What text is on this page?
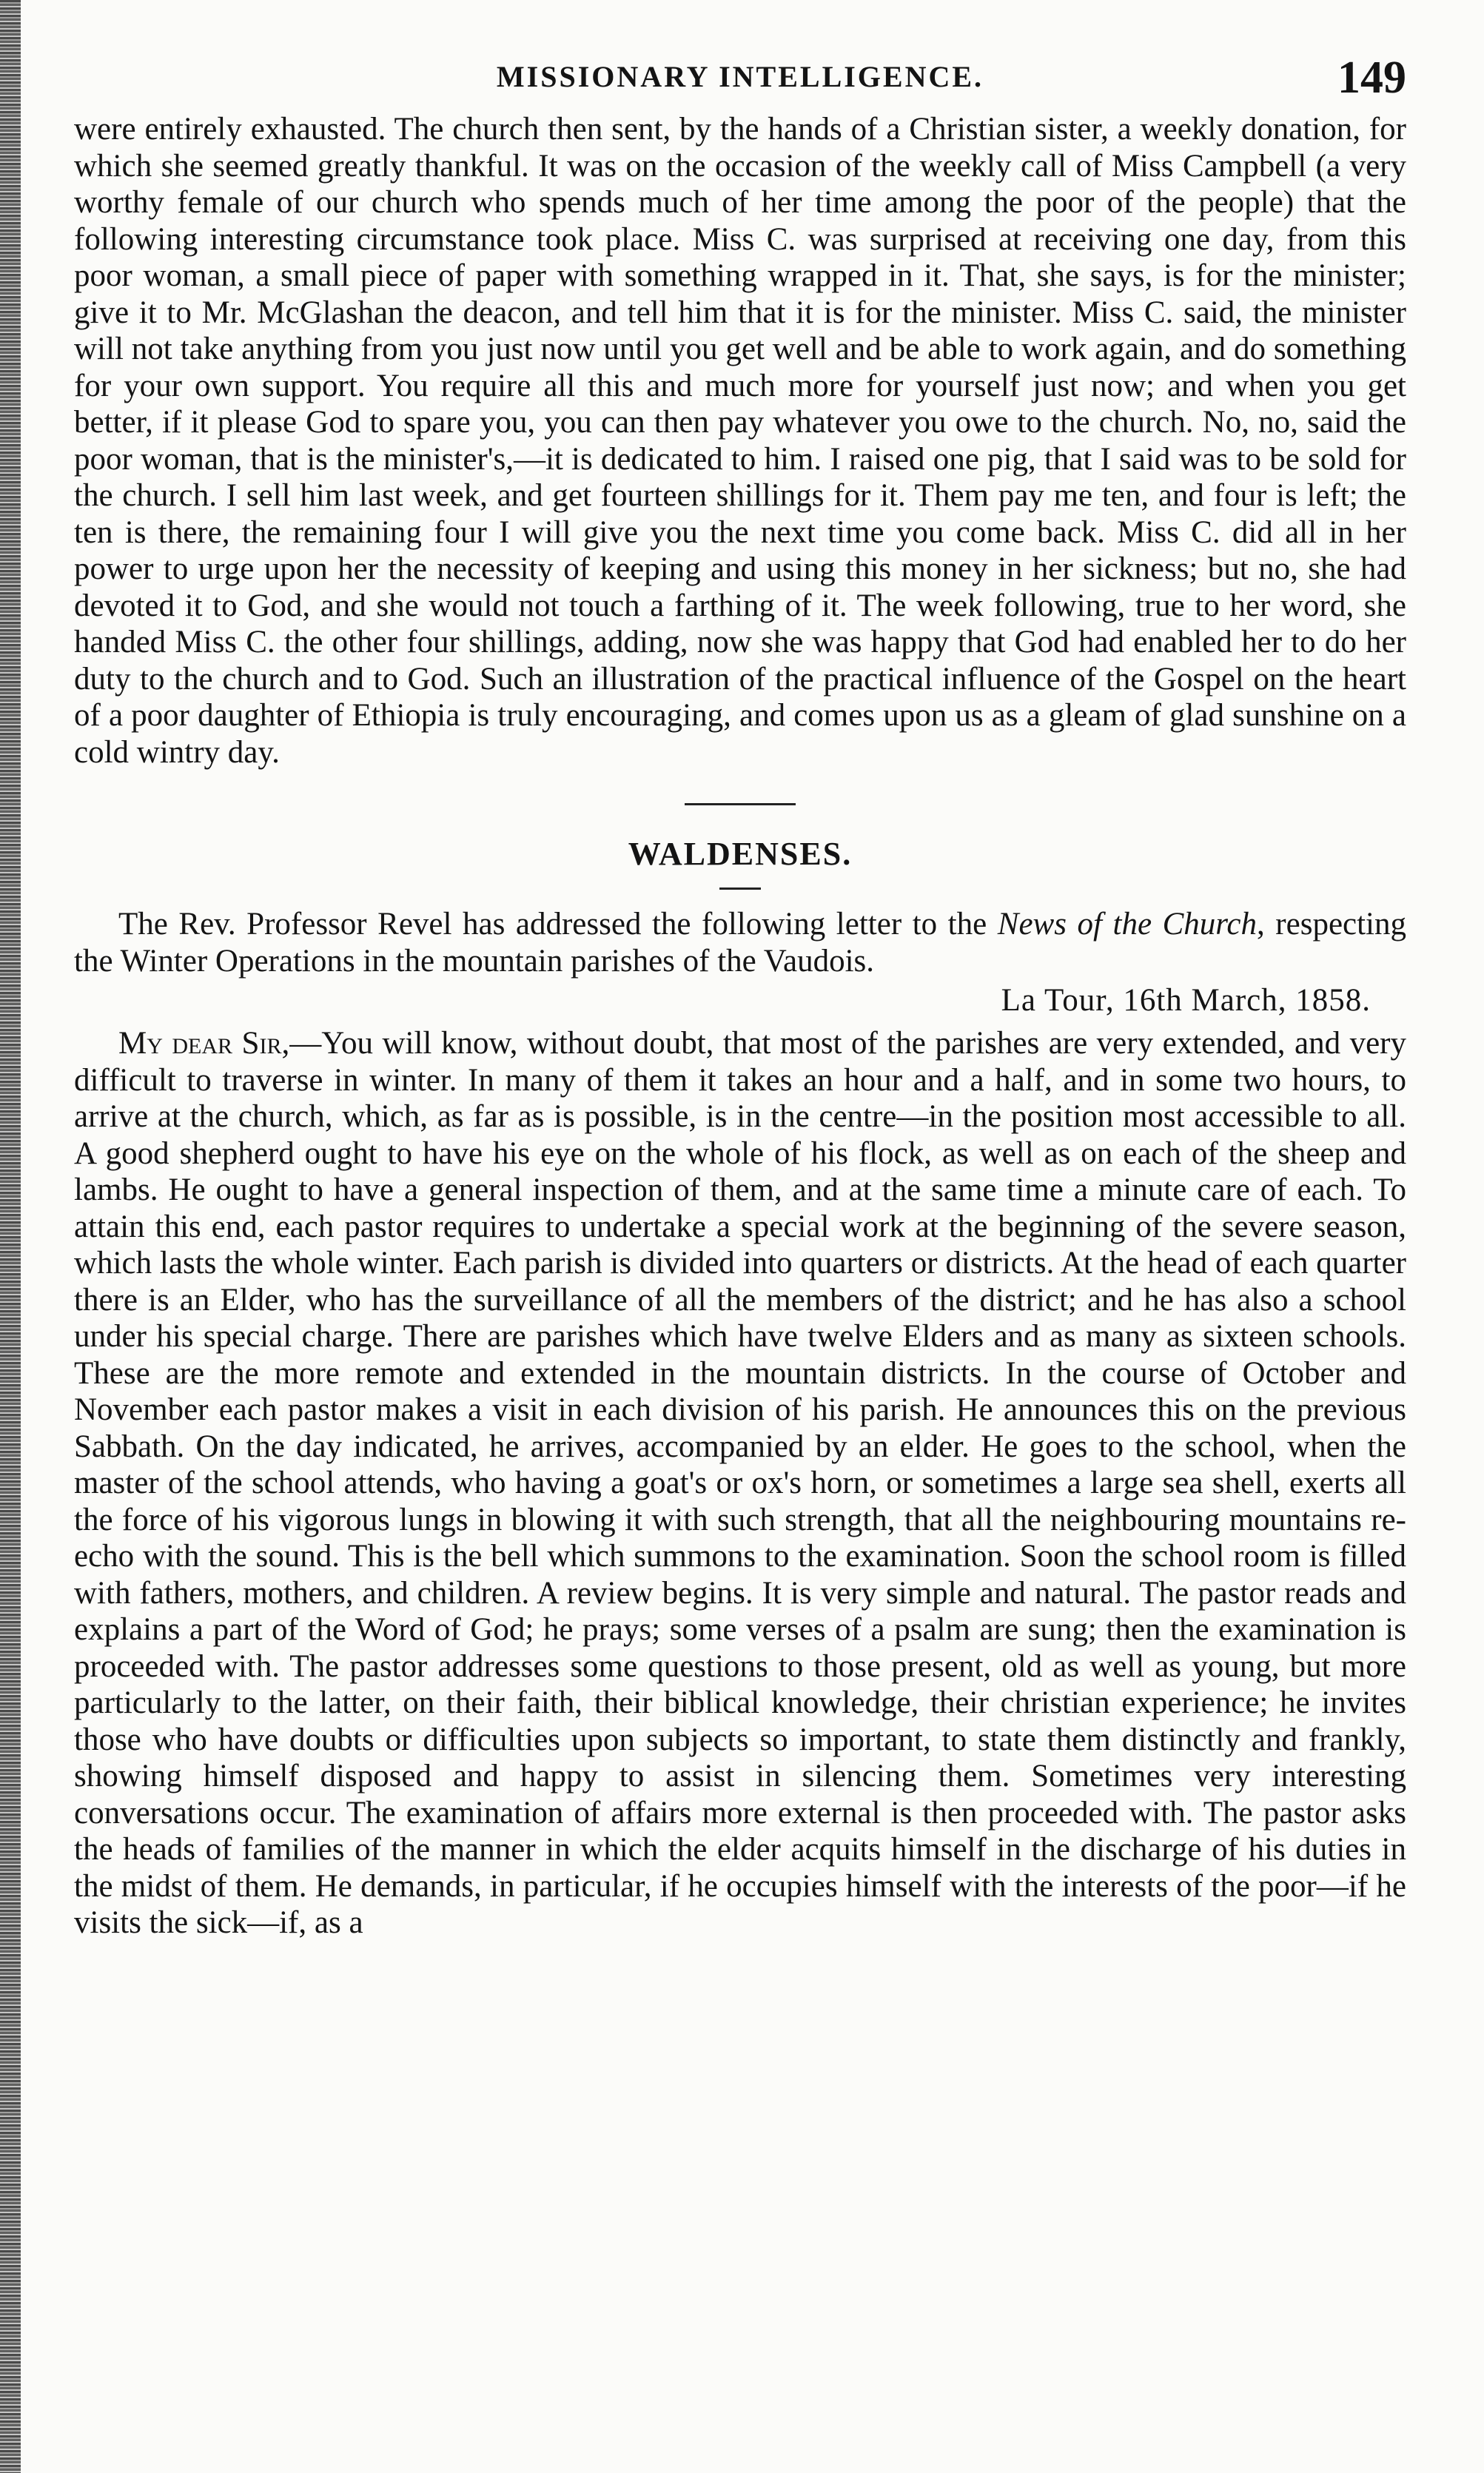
MISSIONARY INTELLIGENCE.	149

were entirely exhausted. The church then sent, by the hands of a Christian sister, a weekly donation, for which she seemed greatly thankful. It was on the occasion of the weekly call of Miss Campbell (a very worthy female of our church who spends much of her time among the poor of the people) that the following interesting circumstance took place. Miss C. was surprised at receiving one day, from this poor woman, a small piece of paper with something wrapped in it. That, she says, is for the minister; give it to Mr. McGlashan the deacon, and tell him that it is for the minister. Miss C. said, the minister will not take anything from you just now until you get well and be able to work again, and do something for your own support. You require all this and much more for yourself just now; and when you get better, if it please God to spare you, you can then pay whatever you owe to the church. No, no, said the poor woman, that is the minister's,—it is dedicated to him. I raised one pig, that I said was to be sold for the church. I sell him last week, and get fourteen shillings for it. Them pay me ten, and four is left; the ten is there, the remaining four I will give you the next time you come back. Miss C. did all in her power to urge upon her the necessity of keeping and using this money in her sickness; but no, she had devoted it to God, and she would not touch a farthing of it. The week following, true to her word, she handed Miss C. the other four shillings, adding, now she was happy that God had enabled her to do her duty to the church and to God. Such an illustration of the practical influence of the Gospel on the heart of a poor daughter of Ethiopia is truly encouraging, and comes upon us as a gleam of glad sunshine on a cold wintry day.

WALDENSES.

The Rev. Professor Revel has addressed the following letter to the News of the Church, respecting the Winter Operations in the mountain parishes of the Vaudois.

La Tour, 16th March, 1858.

My dear Sir,—You will know, without doubt, that most of the parishes are very extended, and very difficult to traverse in winter. In many of them it takes an hour and a half, and in some two hours, to arrive at the church, which, as far as is possible, is in the centre—in the position most accessible to all. A good shepherd ought to have his eye on the whole of his flock, as well as on each of the sheep and lambs. He ought to have a general inspection of them, and at the same time a minute care of each. To attain this end, each pastor requires to undertake a special work at the beginning of the severe season, which lasts the whole winter. Each parish is divided into quarters or districts. At the head of each quarter there is an Elder, who has the surveillance of all the members of the district; and he has also a school under his special charge. There are parishes which have twelve Elders and as many as sixteen schools. These are the more remote and extended in the mountain districts. In the course of October and November each pastor makes a visit in each division of his parish. He announces this on the previous Sabbath. On the day indicated, he arrives, accompanied by an elder. He goes to the school, when the master of the school attends, who having a goat's or ox's horn, or sometimes a large sea shell, exerts all the force of his vigorous lungs in blowing it with such strength, that all the neighbouring mountains re-echo with the sound. This is the bell which summons to the examination. Soon the school room is filled with fathers, mothers, and children. A review begins. It is very simple and natural. The pastor reads and explains a part of the Word of God; he prays; some verses of a psalm are sung; then the examination is proceeded with. The pastor addresses some questions to those present, old as well as young, but more particularly to the latter, on their faith, their biblical knowledge, their christian experience; he invites those who have doubts or difficulties upon subjects so important, to state them distinctly and frankly, showing himself disposed and happy to assist in silencing them. Sometimes very interesting conversations occur. The examination of affairs more external is then proceeded with. The pastor asks the heads of families of the manner in which the elder acquits himself in the discharge of his duties in the midst of them. He demands, in particular, if he occupies himself with the interests of the poor—if he visits the sick—if, as a
